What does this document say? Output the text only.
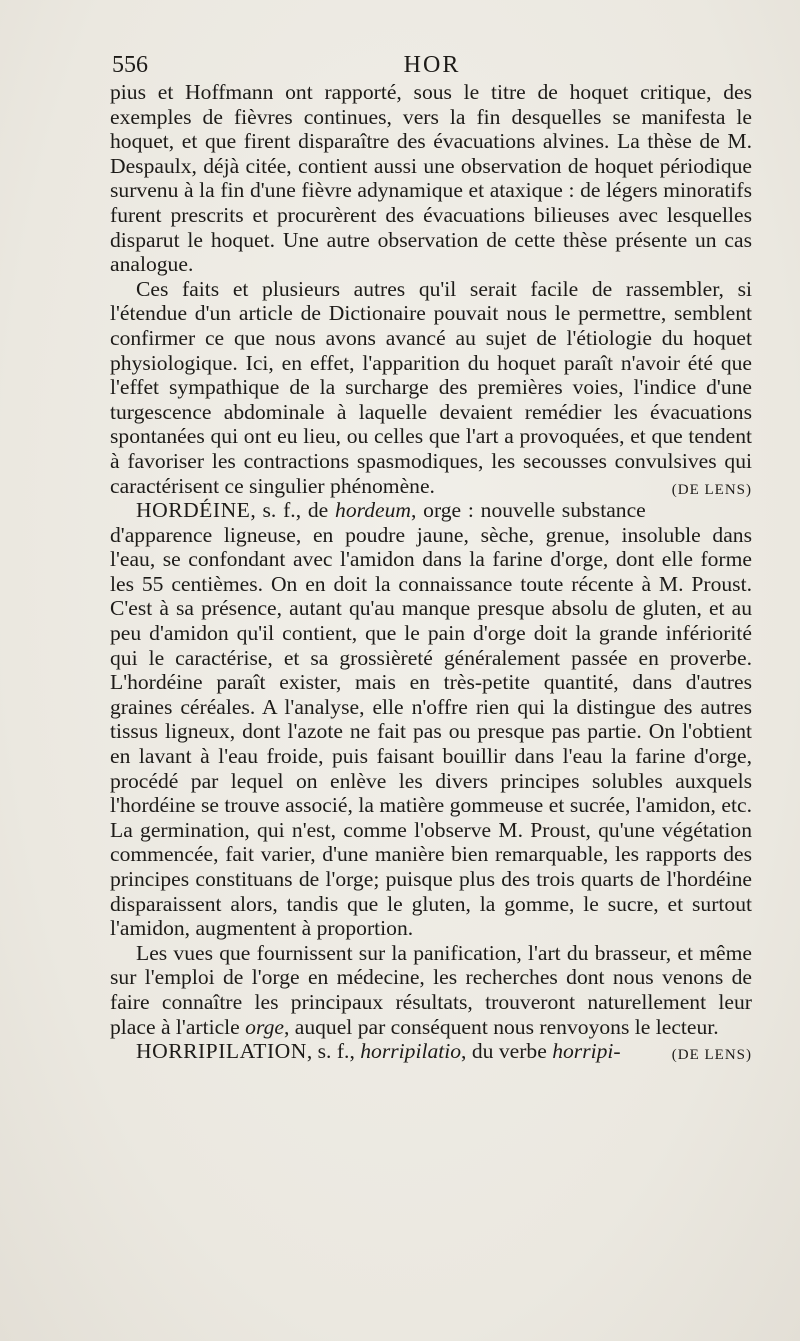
556	HOR

pius et Hoffmann ont rapporté, sous le titre de hoquet critique, des exemples de fièvres continues, vers la fin desquelles se manifesta le hoquet, et que firent disparaître des évacuations alvines. La thèse de M. Despaulx, déjà citée, contient aussi une observation de hoquet périodique survenu à la fin d'une fièvre adynamique et ataxique : de légers minoratifs furent prescrits et procurèrent des évacuations bilieuses avec lesquelles disparut le hoquet. Une autre observation de cette thèse présente un cas analogue.

Ces faits et plusieurs autres qu'il serait facile de rassembler, si l'étendue d'un article de Dictionaire pouvait nous le permettre, semblent confirmer ce que nous avons avancé au sujet de l'étiologie du hoquet physiologique. Ici, en effet, l'apparition du hoquet paraît n'avoir été que l'effet sympathique de la surcharge des premières voies, l'indice d'une turgescence abdominale à laquelle devaient remédier les évacuations spontanées qui ont eu lieu, ou celles que l'art a provoquées, et que tendent à favoriser les contractions spasmodiques, les secousses convulsives qui caractérisent ce singulier phénomène.	(DE LENS)

HORDÉINE, s. f., de hordeum, orge : nouvelle substance d'apparence ligneuse, en poudre jaune, sèche, grenue, insoluble dans l'eau, se confondant avec l'amidon dans la farine d'orge, dont elle forme les 55 centièmes. On en doit la connaissance toute récente à M. Proust. C'est à sa présence, autant qu'au manque presque absolu de gluten, et au peu d'amidon qu'il contient, que le pain d'orge doit la grande infériorité qui le caractérise, et sa grossièreté généralement passée en proverbe. L'hordéine paraît exister, mais en très-petite quantité, dans d'autres graines céréales. A l'analyse, elle n'offre rien qui la distingue des autres tissus ligneux, dont l'azote ne fait pas ou presque pas partie. On l'obtient en lavant à l'eau froide, puis faisant bouillir dans l'eau la farine d'orge, procédé par lequel on enlève les divers principes solubles auxquels l'hordéine se trouve associé, la matière gommeuse et sucrée, l'amidon, etc. La germination, qui n'est, comme l'observe M. Proust, qu'une végétation commencée, fait varier, d'une manière bien remarquable, les rapports des principes constituans de l'orge; puisque plus des trois quarts de l'hordéine disparaissent alors, tandis que le gluten, la gomme, le sucre, et surtout l'amidon, augmentent à proportion.

Les vues que fournissent sur la panification, l'art du brasseur, et même sur l'emploi de l'orge en médecine, les recherches dont nous venons de faire connaître les principaux résultats, trouveront naturellement leur place à l'article orge, auquel par conséquent nous renvoyons le lecteur.
(DE LENS)

HORRIPILATION, s. f., horripilatio, du verbe horripi-
